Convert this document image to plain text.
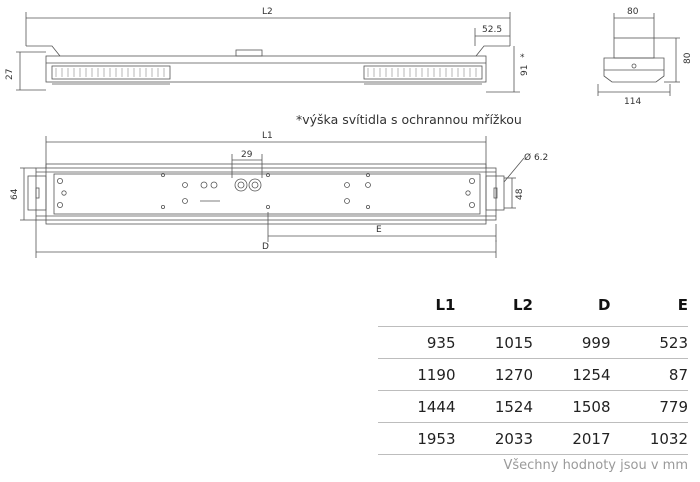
L2
52.5
27	91
*
80
80
114
*výška svítidla s ochrannou mřížkou
L1
29	Ø 6.2
64	48
E
D
L1	L2	D	E
935	1015	999	523
1190	1270	1254	87
1444	1524	1508	779
1953	2033	2017	1032
Všechny hodnoty jsou v mm
